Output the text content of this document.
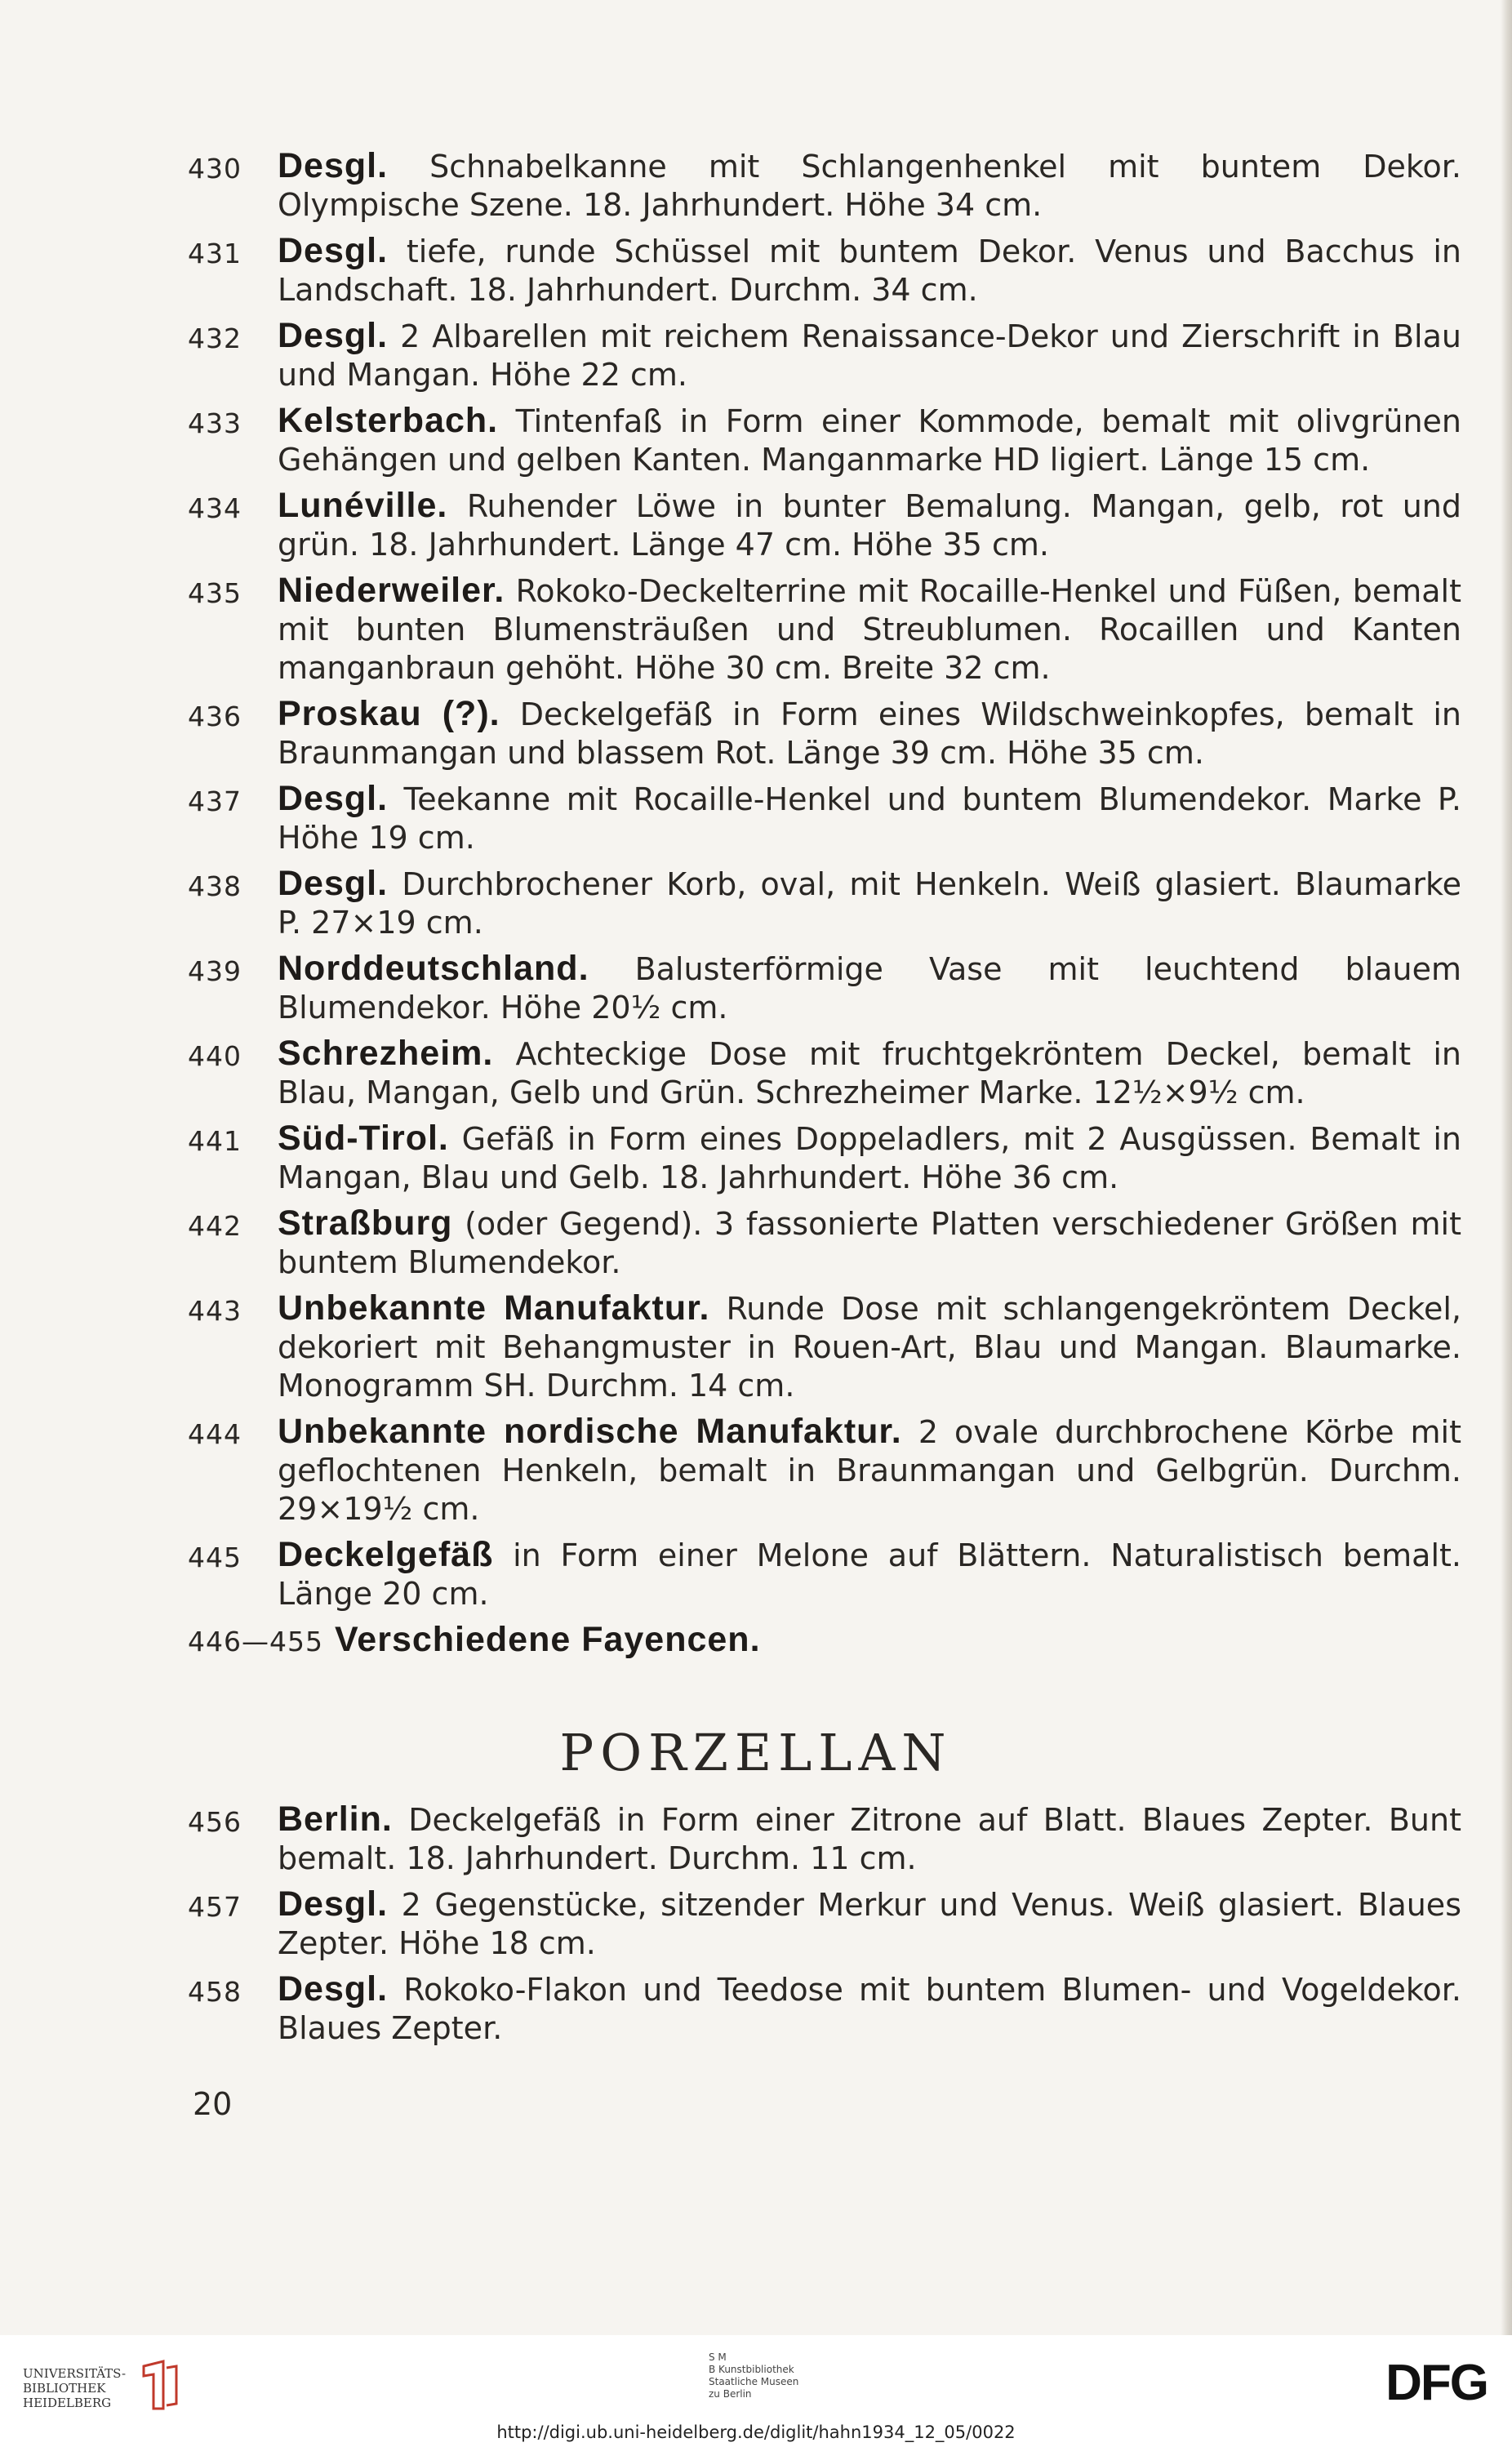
430 Desgl. Schnabelkanne mit Schlangenhenkel mit buntem Dekor. Olympische Szene. 18. Jahrhundert. Höhe 34 cm.
431 Desgl. tiefe, runde Schüssel mit buntem Dekor. Venus und Bacchus in Landschaft. 18. Jahrhundert. Durchm. 34 cm.
432 Desgl. 2 Albarellen mit reichem Renaissance-Dekor und Zierschrift in Blau und Mangan. Höhe 22 cm.
433 Kelsterbach. Tintenfaß in Form einer Kommode, bemalt mit olivgrünen Gehängen und gelben Kanten. Manganmarke HD ligiert. Länge 15 cm.
434 Lunéville. Ruhender Löwe in bunter Bemalung. Mangan, gelb, rot und grün. 18. Jahrhundert. Länge 47 cm. Höhe 35 cm.
435 Niederweiler. Rokoko-Deckelterrine mit Rocaille-Henkel und Füßen, bemalt mit bunten Blumensträußen und Streublumen. Rocaillen und Kanten manganbraun gehöht. Höhe 30 cm. Breite 32 cm.
436 Proskau (?). Deckelgefäß in Form eines Wildschweinkopfes, bemalt in Braunmangan und blassem Rot. Länge 39 cm. Höhe 35 cm.
437 Desgl. Teekanne mit Rocaille-Henkel und buntem Blumendekor. Marke P. Höhe 19 cm.
438 Desgl. Durchbrochener Korb, oval, mit Henkeln. Weiß glasiert. Blaumarke P. 27×19 cm.
439 Norddeutschland. Balusterförmige Vase mit leuchtend blauem Blumendekor. Höhe 20½ cm.
440 Schrezheim. Achteckige Dose mit fruchtgekröntem Deckel, bemalt in Blau, Mangan, Gelb und Grün. Schrezheimer Marke. 12½×9½ cm.
441 Süd-Tirol. Gefäß in Form eines Doppeladlers, mit 2 Ausgüssen. Bemalt in Mangan, Blau und Gelb. 18. Jahrhundert. Höhe 36 cm.
442 Straßburg (oder Gegend). 3 fassonierte Platten verschiedener Größen mit buntem Blumendekor.
443 Unbekannte Manufaktur. Runde Dose mit schlangengekröntem Deckel, dekoriert mit Behangmuster in Rouen-Art, Blau und Mangan. Blaumarke. Monogramm SH. Durchm. 14 cm.
444 Unbekannte nordische Manufaktur. 2 ovale durchbrochene Körbe mit geflochtenen Henkeln, bemalt in Braunmangan und Gelbgrün. Durchm. 29×19½ cm.
445 Deckelgefäß in Form einer Melone auf Blättern. Naturalistisch bemalt. Länge 20 cm.
446—455 Verschiedene Fayencen.
PORZELLAN
456 Berlin. Deckelgefäß in Form einer Zitrone auf Blatt. Blaues Zepter. Bunt bemalt. 18. Jahrhundert. Durchm. 11 cm.
457 Desgl. 2 Gegenstücke, sitzender Merkur und Venus. Weiß glasiert. Blaues Zepter. Höhe 18 cm.
458 Desgl. Rokoko-Flakon und Teedose mit buntem Blumen- und Vogeldekor. Blaues Zepter.
20
UNIVERSITÄTS-
BIBLIOTHEK
HEIDELBERG
S M
B Kunstbibliothek
Staatliche Museen
zu Berlin	DFG
http://digi.ub.uni-heidelberg.de/diglit/hahn1934_12_05/0022
